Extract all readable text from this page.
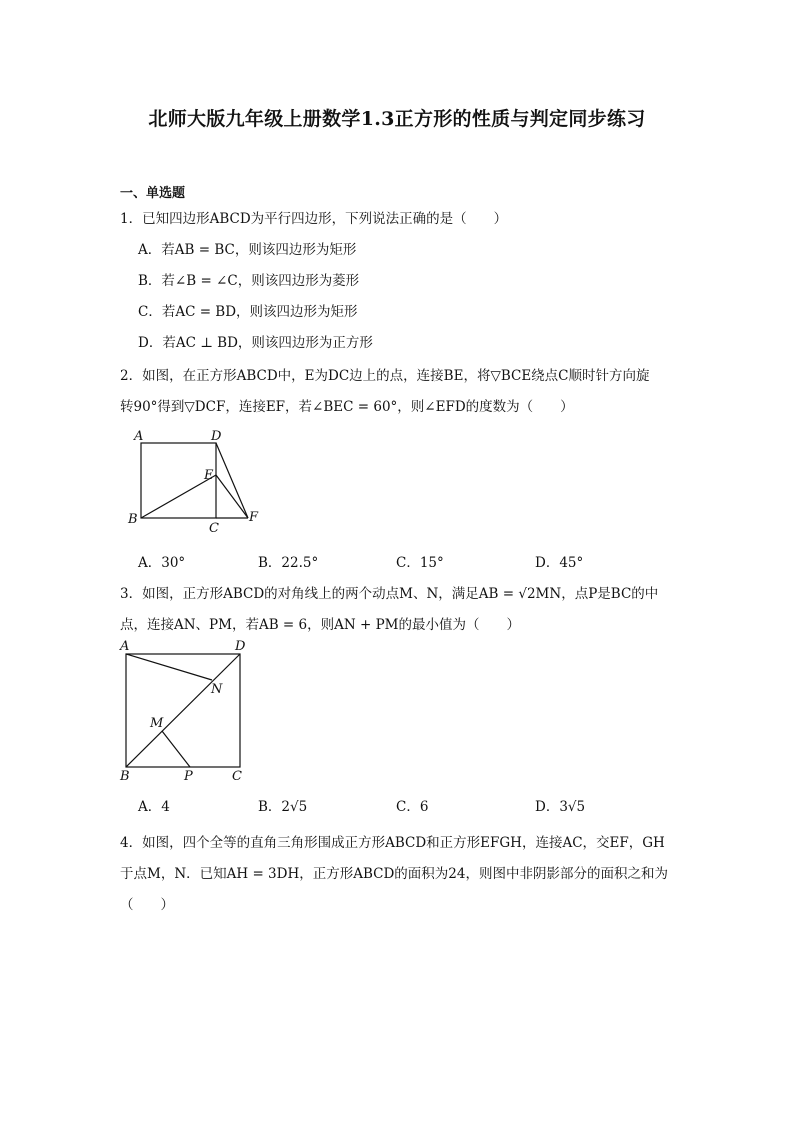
北师大版九年级上册数学1.3正方形的性质与判定同步练习
一、单选题
1．已知四边形ABCD为平行四边形，下列说法正确的是（　　）
A．若AB = BC，则该四边形为矩形
B．若∠B = ∠C，则该四边形为菱形
C．若AC = BD，则该四边形为矩形
D．若AC ⊥ BD，则该四边形为正方形
2．如图，在正方形ABCD中，E为DC边上的点，连接BE，将▽BCE绕点C顺时针方向旋
转90°得到▽DCF，连接EF，若∠BEC = 60°，则∠EFD的度数为（　　）
A	D
E
B
C
F
A．30°	B．22.5°	C．15°	D．45°
3．如图，正方形ABCD的对角线上的两个动点M、N，满足AB = √2MN，点P是BC的中
点，连接AN、PM，若AB = 6，则AN + PM的最小值为（　　）
A	D
N
M
B	P	C
A．4	B．2√5	C．6	D．3√5
4．如图，四个全等的直角三角形围成正方形ABCD和正方形EFGH，连接AC，交EF，GH
于点M，N．已知AH = 3DH，正方形ABCD的面积为24，则图中非阴影部分的面积之和为
（　　）
